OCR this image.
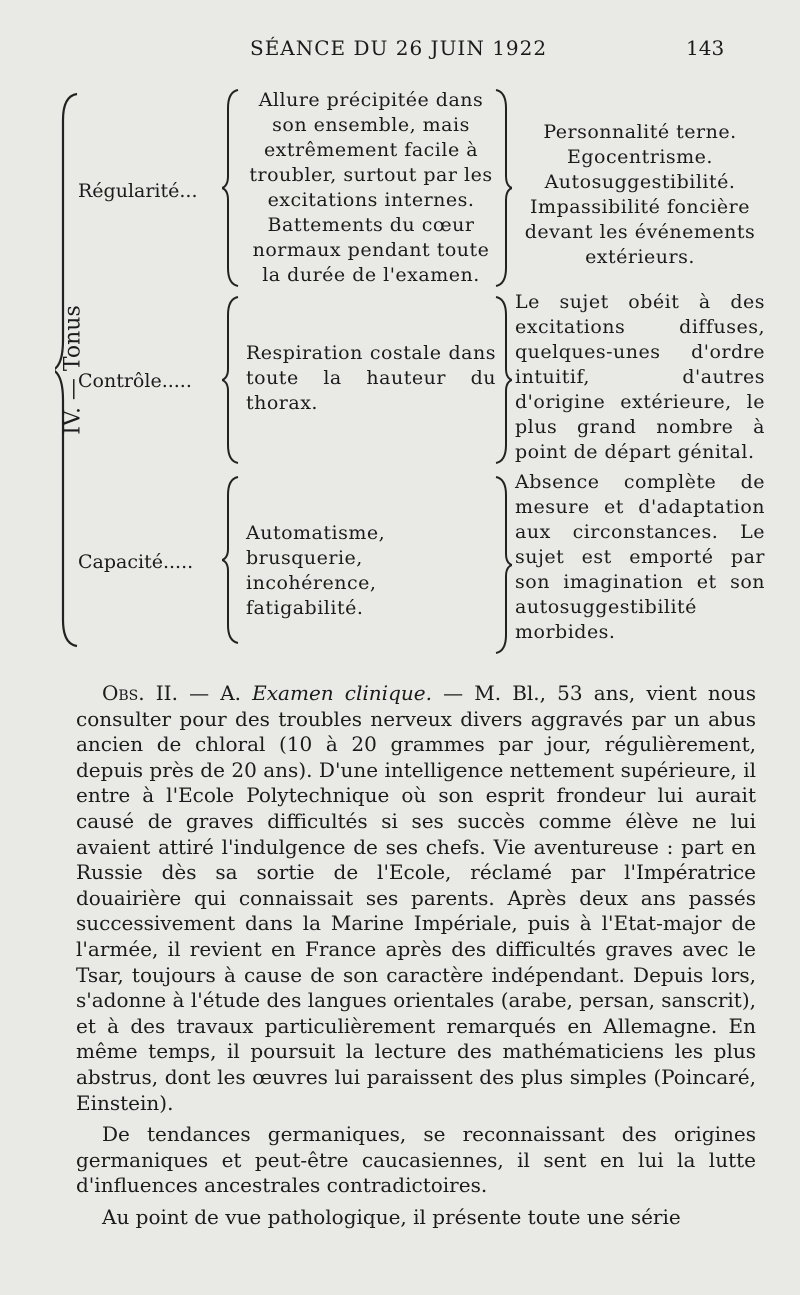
SÉANCE DU 26 JUIN 1922	143
IV. — Tonus
Régularité...
Allure précipitée dans son ensemble, mais extrêmement facile à troubler, surtout par les excitations internes. Battements du cœur normaux pendant toute la durée de l'examen.
Personnalité terne. Egocentrisme. Autosuggestibilité. Impassibilité foncière devant les événements extérieurs.
Contrôle.....
Respiration costale dans toute la hauteur du thorax.
Le sujet obéit à des excitations diffuses, quelques-unes d'ordre intuitif, d'autres d'origine extérieure, le plus grand nombre à point de départ génital.
Capacité.....
Automatisme, brusquerie, incohérence, fatigabilité.
Absence complète de mesure et d'adaptation aux circonstances. Le sujet est emporté par son imagination et son autosuggestibilité morbides.

Obs. II. — A. Examen clinique. — M. Bl., 53 ans, vient nous consulter pour des troubles nerveux divers aggravés par un abus ancien de chloral (10 à 20 grammes par jour, régulièrement, depuis près de 20 ans). D'une intelligence nettement supérieure, il entre à l'Ecole Polytechnique où son esprit frondeur lui aurait causé de graves difficultés si ses succès comme élève ne lui avaient attiré l'indulgence de ses chefs. Vie aventureuse : part en Russie dès sa sortie de l'Ecole, réclamé par l'Impératrice douairière qui connaissait ses parents. Après deux ans passés successivement dans la Marine Impériale, puis à l'Etat-major de l'armée, il revient en France après des difficultés graves avec le Tsar, toujours à cause de son caractère indépendant. Depuis lors, s'adonne à l'étude des langues orientales (arabe, persan, sanscrit), et à des travaux particulièrement remarqués en Allemagne. En même temps, il poursuit la lecture des mathématiciens les plus abstrus, dont les œuvres lui paraissent des plus simples (Poincaré, Einstein).

De tendances germaniques, se reconnaissant des origines germaniques et peut-être caucasiennes, il sent en lui la lutte d'influences ancestrales contradictoires.

Au point de vue pathologique, il présente toute une série
